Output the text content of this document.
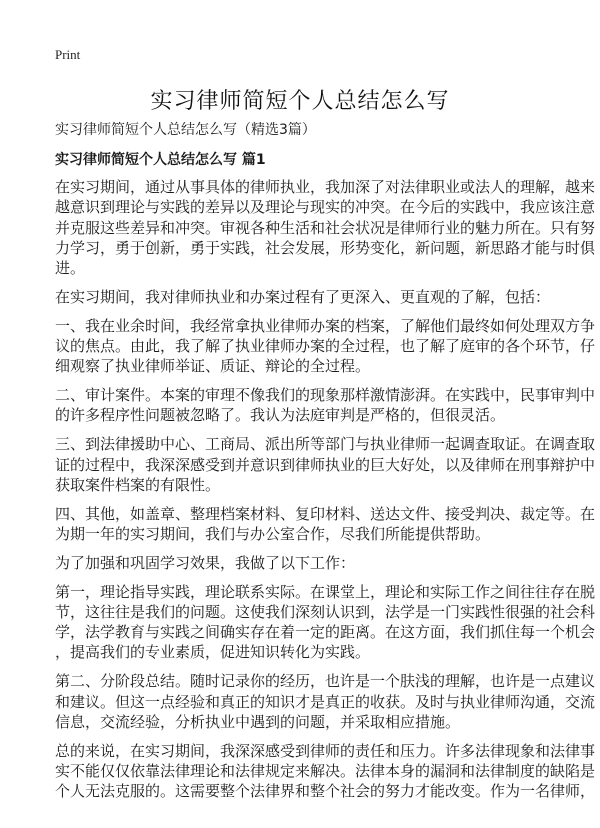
Print
实习律师简短个人总结怎么写
实习律师简短个人总结怎么写（精选3篇）
实习律师简短个人总结怎么写 篇1
在实习期间，通过从事具体的律师执业，我加深了对法律职业或法人的理解，越来
越意识到理论与实践的差异以及理论与现实的冲突。在今后的实践中，我应该注意
并克服这些差异和冲突。审视各种生活和社会状况是律师行业的魅力所在。只有努
力学习，勇于创新，勇于实践，社会发展，形势变化，新问题，新思路才能与时俱
进。
在实习期间，我对律师执业和办案过程有了更深入、更直观的了解，包括：
一、我在业余时间，我经常拿执业律师办案的档案，了解他们最终如何处理双方争
议的焦点。由此，我了解了执业律师办案的全过程，也了解了庭审的各个环节，仔
细观察了执业律师举证、质证、辩论的全过程。
二、审计案件。本案的审理不像我们的现象那样激情澎湃。在实践中，民事审判中
的许多程序性问题被忽略了。我认为法庭审判是严格的，但很灵活。
三、到法律援助中心、工商局、派出所等部门与执业律师一起调查取证。在调查取
证的过程中，我深深感受到并意识到律师执业的巨大好处，以及律师在刑事辩护中
获取案件档案的有限性。
四、其他，如盖章、整理档案材料、复印材料、送达文件、接受判决、裁定等。在
为期一年的实习期间，我们与办公室合作，尽我们所能提供帮助。
为了加强和巩固学习效果，我做了以下工作：
第一，理论指导实践，理论联系实际。在课堂上，理论和实际工作之间往往存在脱
节，这往往是我们的问题。这使我们深刻认识到，法学是一门实践性很强的社会科
学，法学教育与实践之间确实存在着一定的距离。在这方面，我们抓住每一个机会
，提高我们的专业素质，促进知识转化为实践。
第二、分阶段总结。随时记录你的经历，也许是一个肤浅的理解，也许是一点建议
和建议。但这一点经验和真正的知识才是真正的收获。及时与执业律师沟通，交流
信息，交流经验，分析执业中遇到的问题，并采取相应措施。
总的来说，在实习期间，我深深感受到律师的责任和压力。许多法律现象和法律事
实不能仅仅依靠法律理论和法律规定来解决。法律本身的漏洞和法律制度的缺陷是
个人无法克服的。这需要整个法律界和整个社会的努力才能改变。作为一名律师，
